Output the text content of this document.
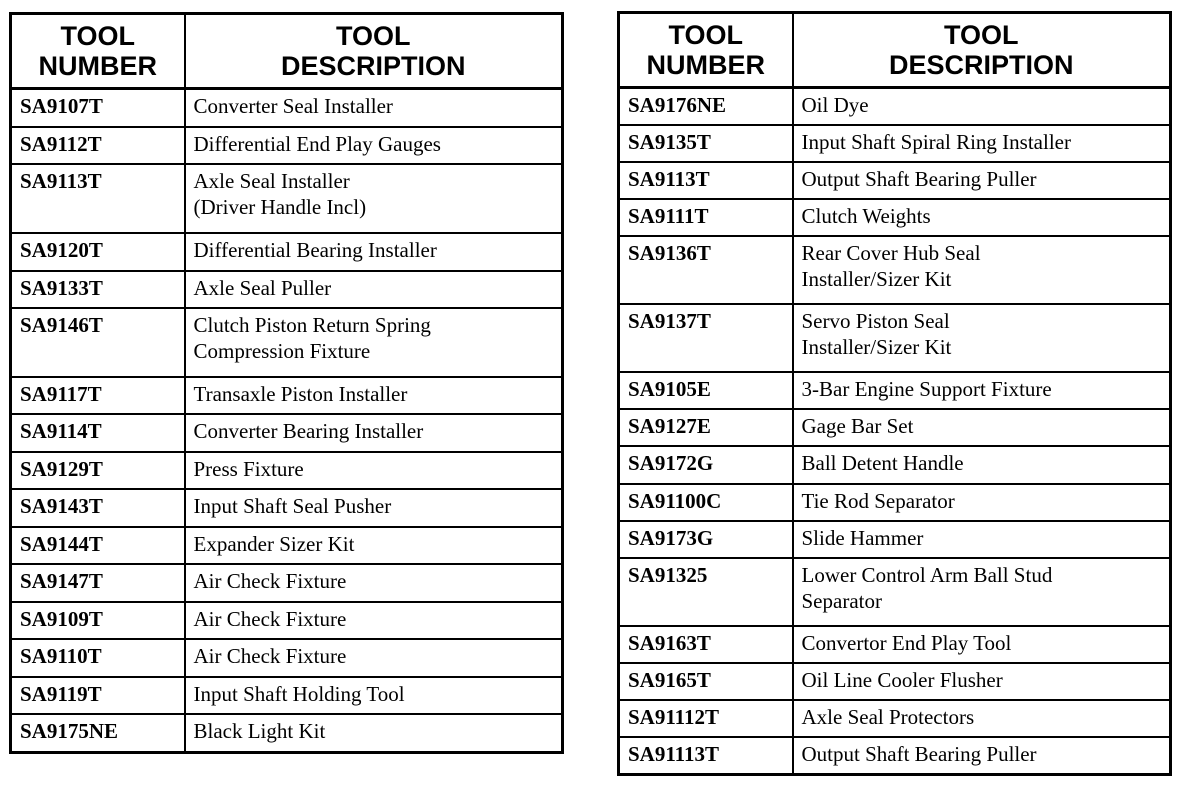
TOOL
NUMBER	TOOL
DESCRIPTION
SA9107T	Converter Seal Installer
SA9112T	Differential End Play Gauges
SA9113T	Axle Seal Installer
(Driver Handle Incl)
SA9120T	Differential Bearing Installer
SA9133T	Axle Seal Puller
SA9146T	Clutch Piston Return Spring
Compression Fixture
SA9117T	Transaxle Piston Installer
SA9114T	Converter Bearing Installer
SA9129T	Press Fixture
SA9143T	Input Shaft Seal Pusher
SA9144T	Expander Sizer Kit
SA9147T	Air Check Fixture
SA9109T	Air Check Fixture
SA9110T	Air Check Fixture
SA9119T	Input Shaft Holding Tool
SA9175NE	Black Light Kit
TOOL
NUMBER	TOOL
DESCRIPTION
SA9176NE	Oil Dye
SA9135T	Input Shaft Spiral Ring Installer
SA9113T	Output Shaft Bearing Puller
SA9111T	Clutch Weights
SA9136T	Rear Cover Hub Seal
Installer/Sizer Kit
SA9137T	Servo Piston Seal
Installer/Sizer Kit
SA9105E	3-Bar Engine Support Fixture
SA9127E	Gage Bar Set
SA9172G	Ball Detent Handle
SA91100C	Tie Rod Separator
SA9173G	Slide Hammer
SA91325	Lower Control Arm Ball Stud
Separator
SA9163T	Convertor End Play Tool
SA9165T	Oil Line Cooler Flusher
SA91112T	Axle Seal Protectors
SA91113T	Output Shaft Bearing Puller
